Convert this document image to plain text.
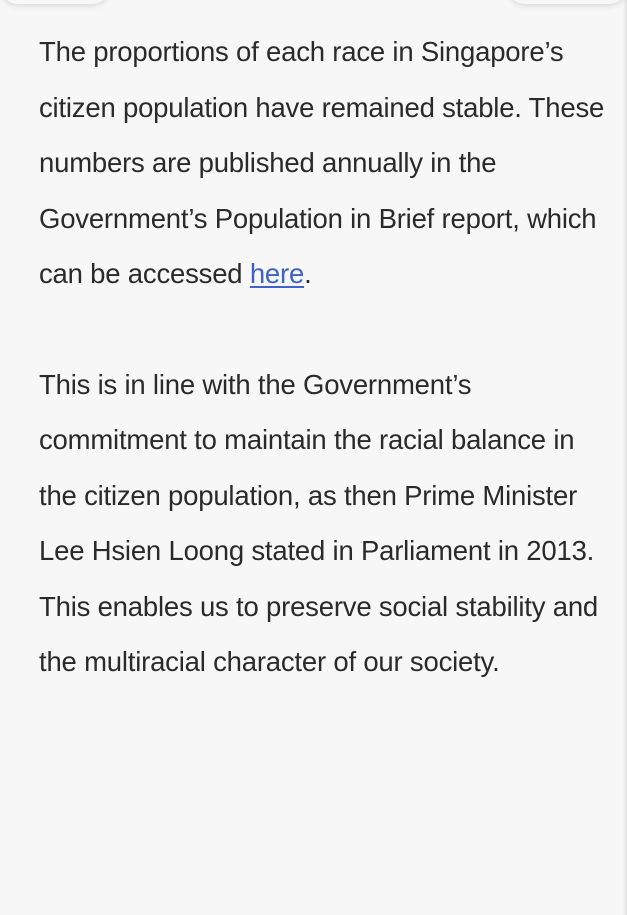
The proportions of each race in Singapore’s citizen population have remained stable. These numbers are published annually in the Government’s Population in Brief report, which can be accessed here.

This is in line with the Government’s commitment to maintain the racial balance in the citizen population, as then Prime Minister Lee Hsien Loong stated in Parliament in 2013. This enables us to preserve social stability and the multiracial character of our society.
